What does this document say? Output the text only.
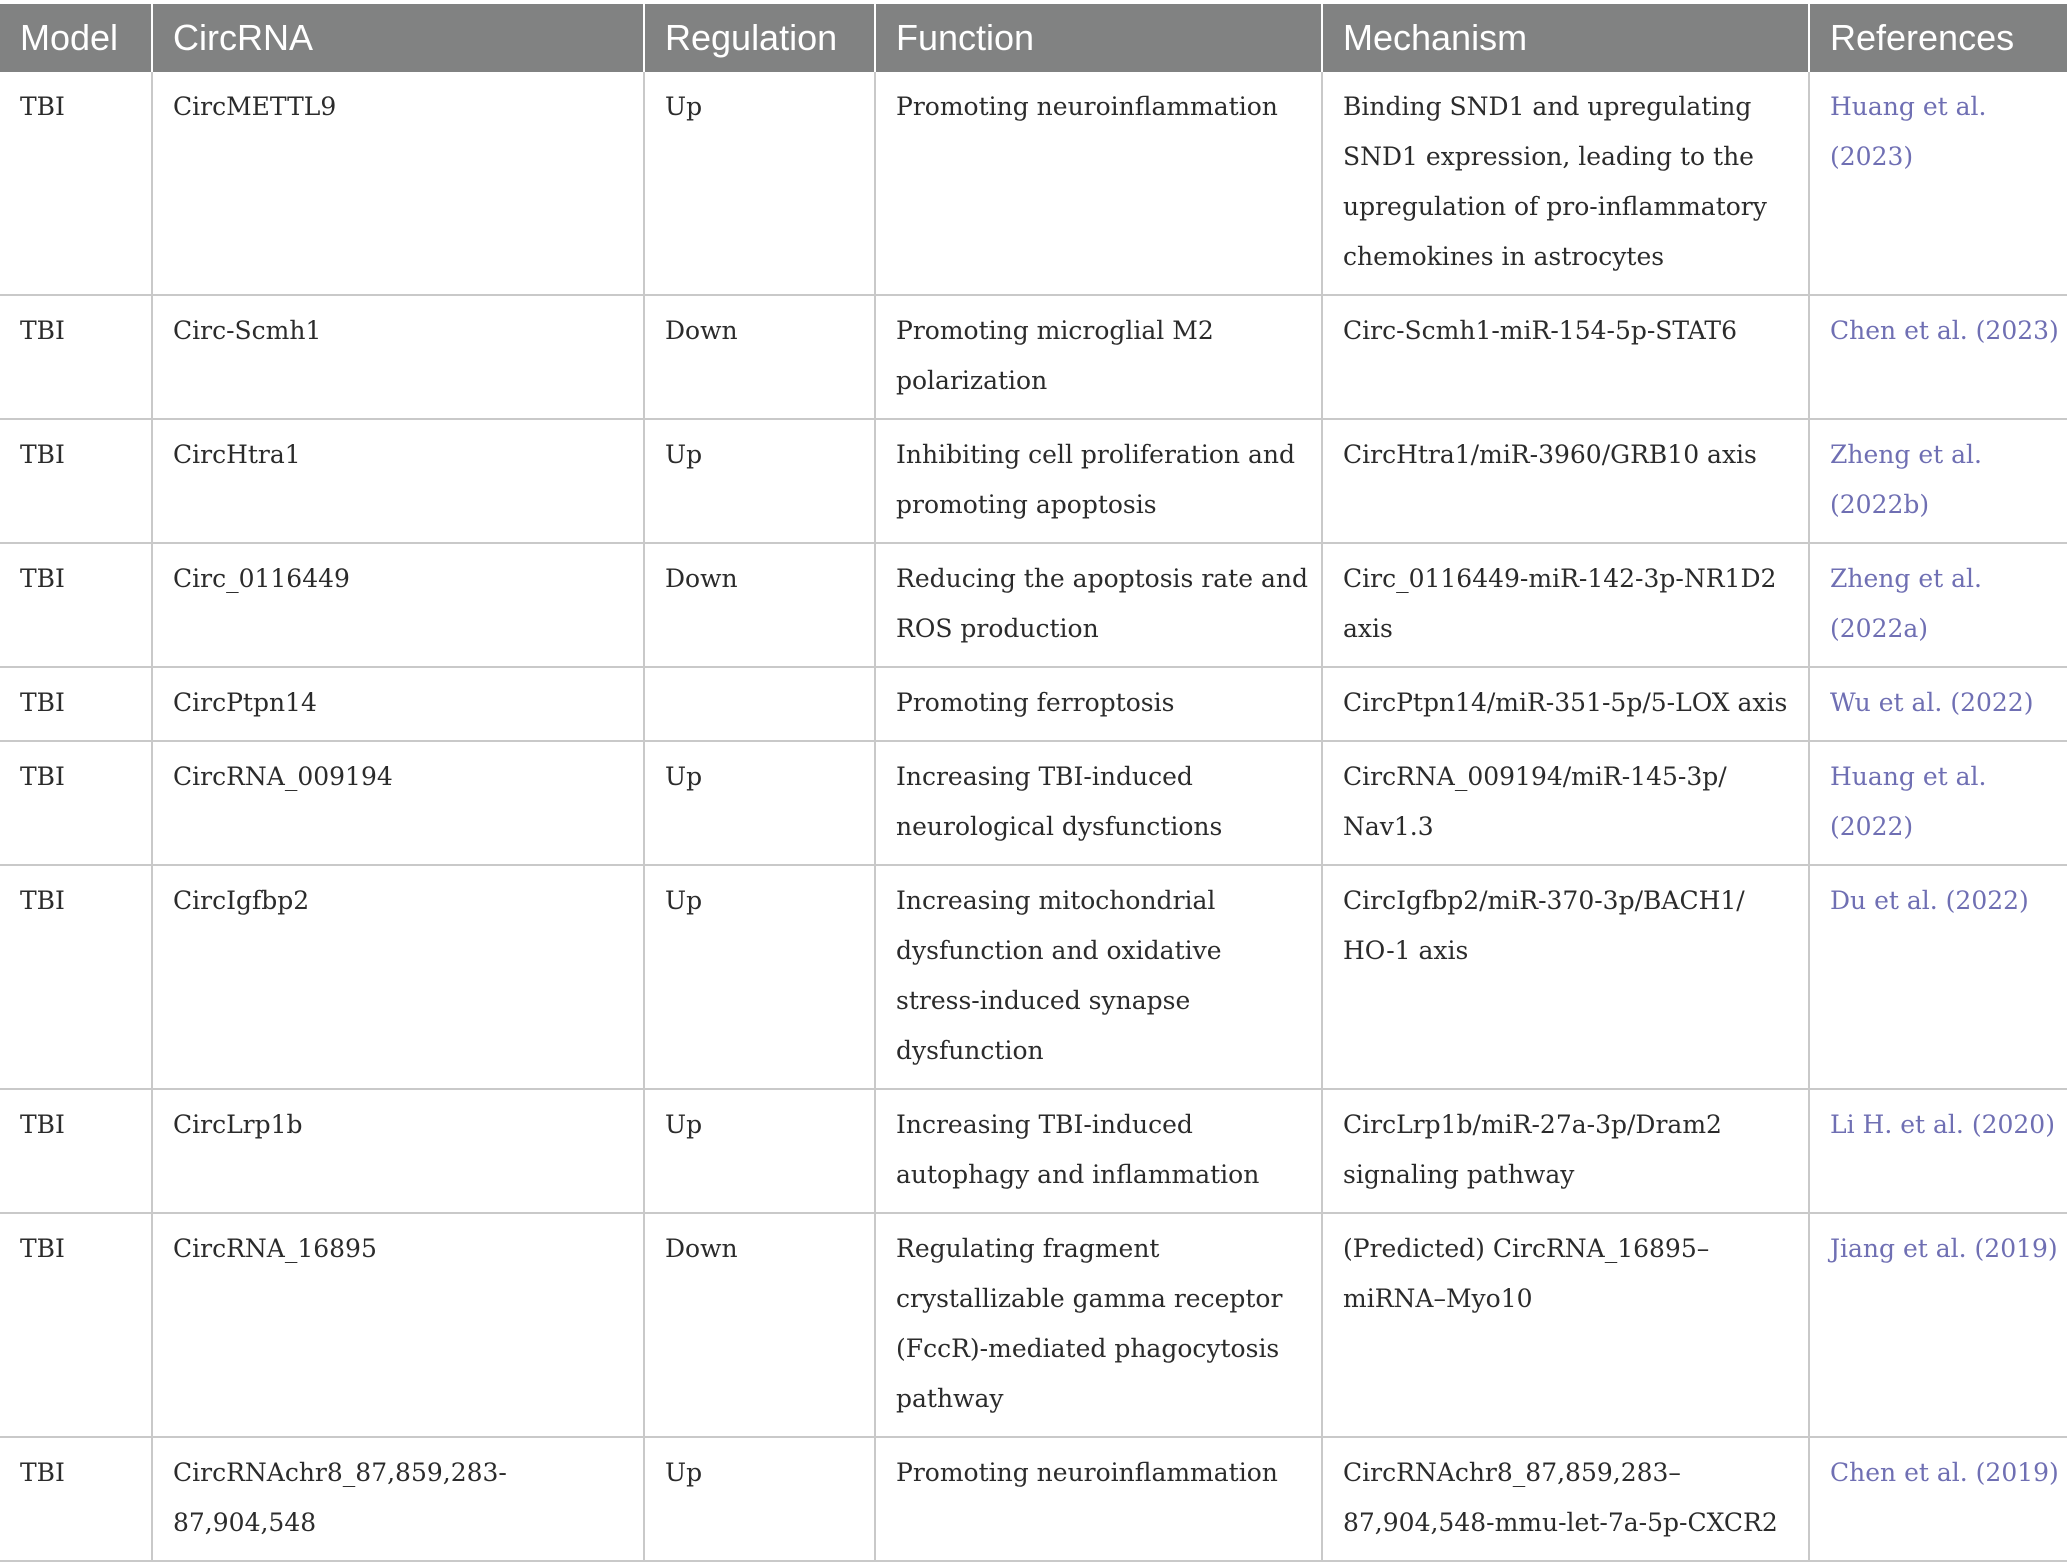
Model	CircRNA	Regulation	Function	Mechanism	References
TBI	CircMETTL9	Up	Promoting neuroinflammation	Binding SND1 and upregulating SND1 expression, leading to the upregulation of pro-inflammatory chemokines in astrocytes	Huang et al. (2023)
TBI	Circ-Scmh1	Down	Promoting microglial M2 polarization	Circ-Scmh1-miR-154-5p-STAT6	Chen et al. (2023)
TBI	CircHtra1	Up	Inhibiting cell proliferation and promoting apoptosis	CircHtra1/miR-3960/GRB10 axis	Zheng et al. (2022b)
TBI	Circ_0116449	Down	Reducing the apoptosis rate and ROS production	Circ_0116449-miR-142-3p-NR1D2 axis	Zheng et al. (2022a)
TBI	CircPtpn14		Promoting ferroptosis	CircPtpn14/miR-351-5p/5-LOX axis	Wu et al. (2022)
TBI	CircRNA_009194	Up	Increasing TBI-induced neurological dysfunctions	CircRNA_009194/miR-145-3p/ Nav1.3	Huang et al. (2022)
TBI	CircIgfbp2	Up	Increasing mitochondrial dysfunction and oxidative stress-induced synapse dysfunction	CircIgfbp2/miR-370-3p/BACH1/ HO-1 axis	Du et al. (2022)
TBI	CircLrp1b	Up	Increasing TBI-induced autophagy and inflammation	CircLrp1b/miR-27a-3p/Dram2 signaling pathway	Li H. et al. (2020)
TBI	CircRNA_16895	Down	Regulating fragment crystallizable gamma receptor (FccR)-mediated phagocytosis pathway	(Predicted) CircRNA_16895–miRNA–Myo10	Jiang et al. (2019)
TBI	CircRNAchr8_87,859,283-87,904,548	Up	Promoting neuroinflammation	CircRNAchr8_87,859,283–87,904,548-mmu-let-7a-5p-CXCR2	Chen et al. (2019)
